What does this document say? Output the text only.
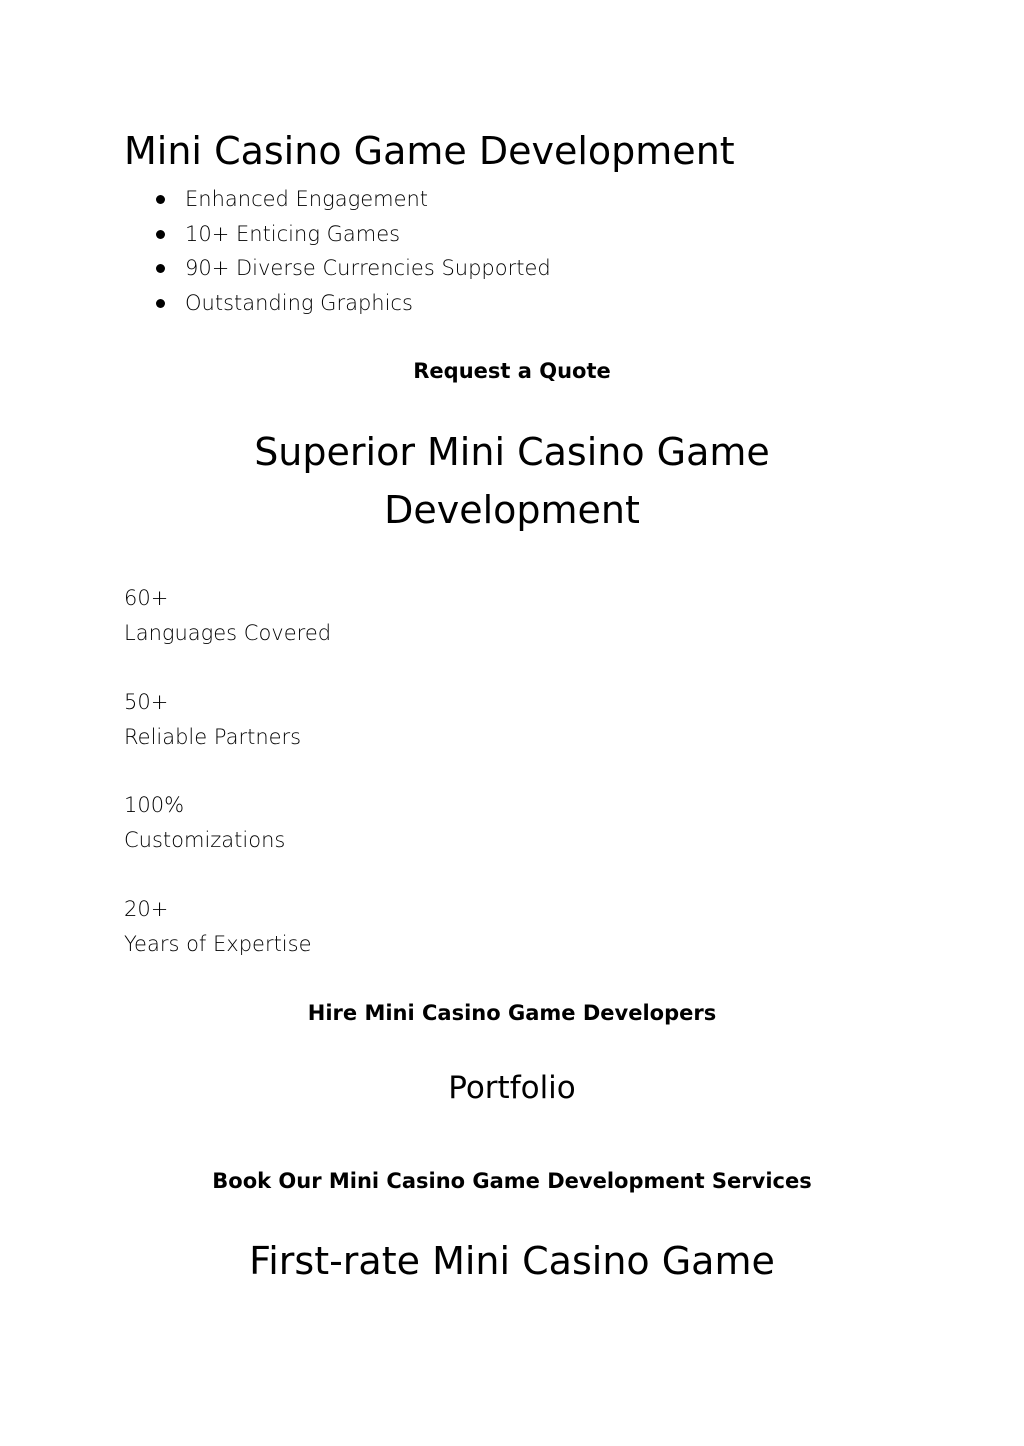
Mini Casino Game Development
Enhanced Engagement
10+ Enticing Games
90+ Diverse Currencies Supported
Outstanding Graphics

Request a Quote

Superior Mini Casino Game
Development
60+
Languages Covered
50+
Reliable Partners
100%
Customizations
20+
Years of Expertise

Hire Mini Casino Game Developers

Portfolio

Book Our Mini Casino Game Development Services

First-rate Mini Casino Game
